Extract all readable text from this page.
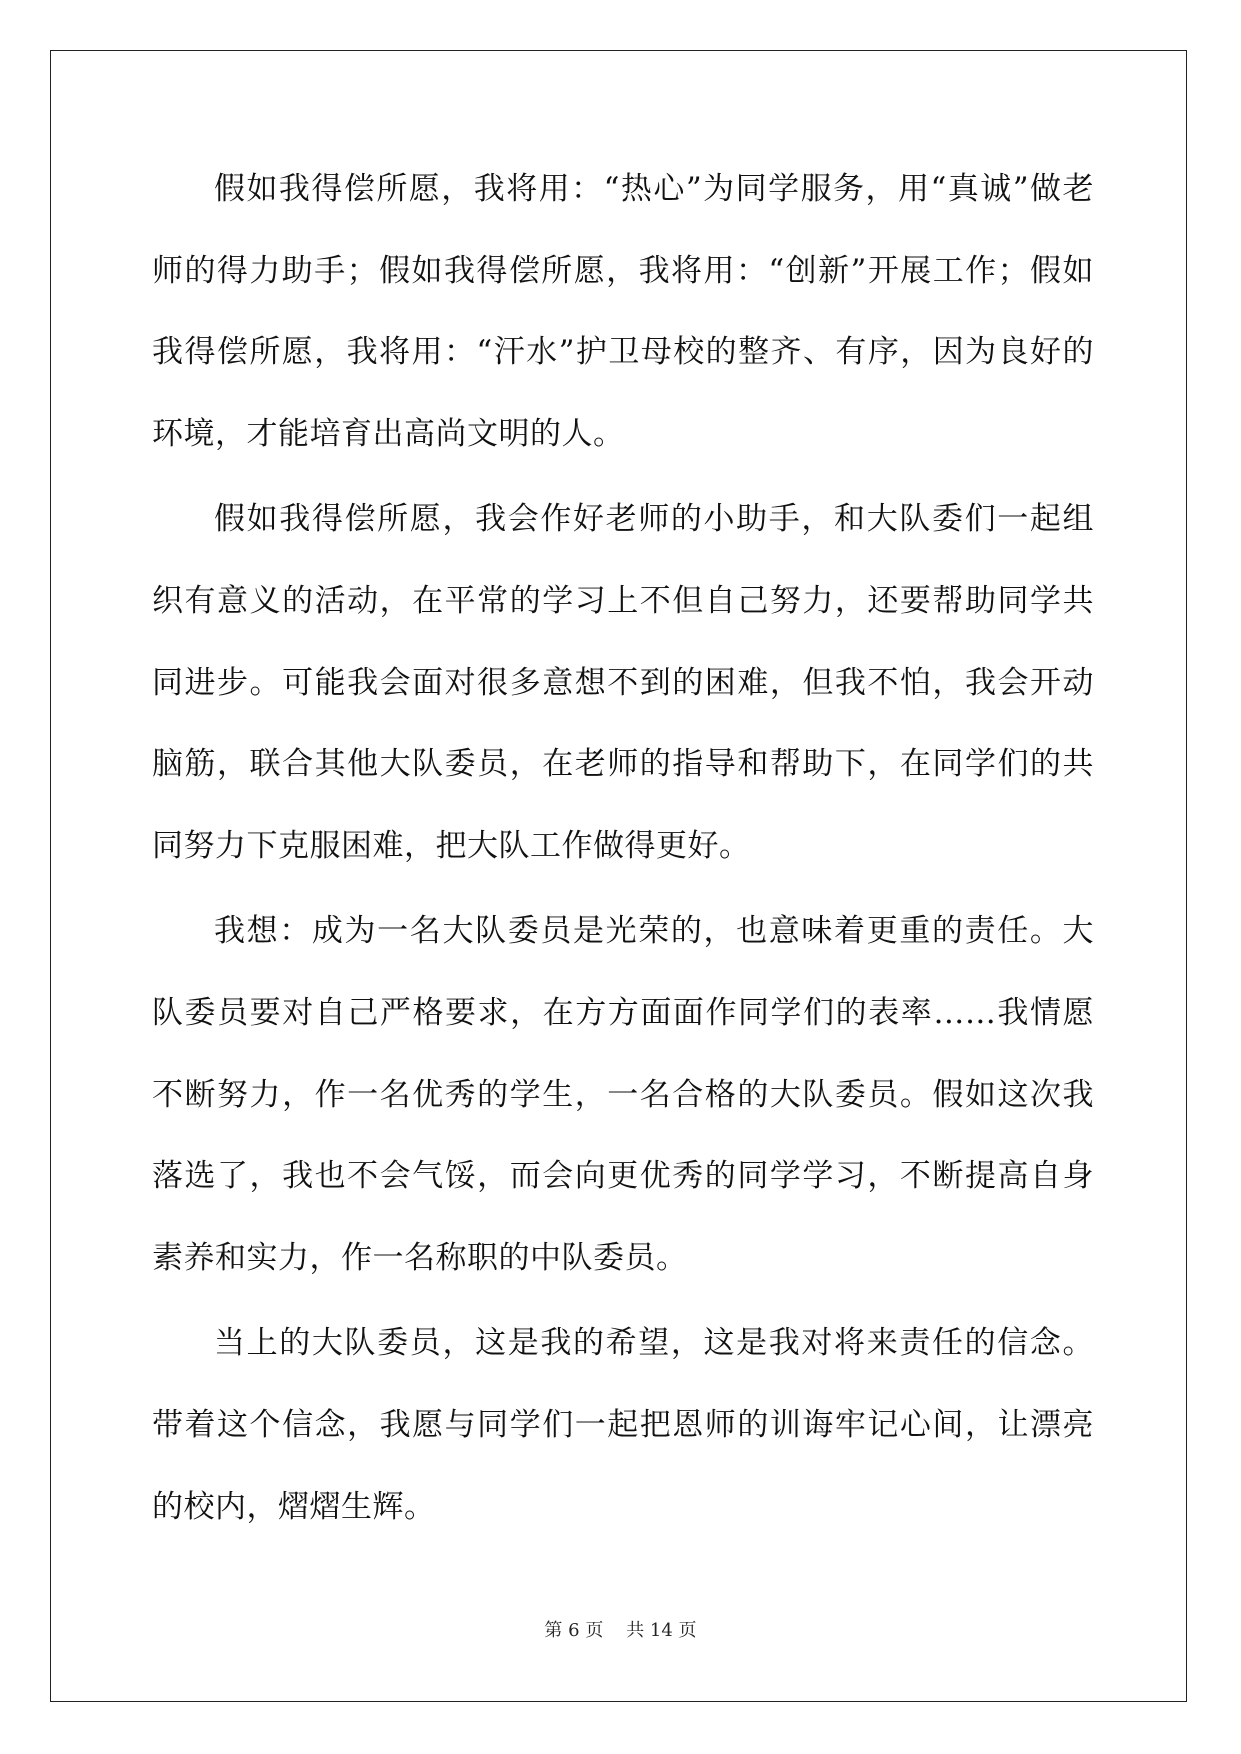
假如我得偿所愿，我将用：“热心”为同学服务，用“真诚”做老师的得力助手；假如我得偿所愿，我将用：“创新”开展工作；假如我得偿所愿，我将用：“汗水”护卫母校的整齐、有序，因为良好的环境，才能培育出高尚文明的人。

假如我得偿所愿，我会作好老师的小助手，和大队委们一起组织有意义的活动，在平常的学习上不但自己努力，还要帮助同学共同进步。可能我会面对很多意想不到的困难，但我不怕，我会开动脑筋，联合其他大队委员，在老师的指导和帮助下，在同学们的共同努力下克服困难，把大队工作做得更好。

我想：成为一名大队委员是光荣的，也意味着更重的责任。大队委员要对自己严格要求，在方方面面作同学们的表率……我情愿不断努力，作一名优秀的学生，一名合格的大队委员。假如这次我落选了，我也不会气馁，而会向更优秀的同学学习，不断提高自身素养和实力，作一名称职的中队委员。

当上的大队委员，这是我的希望，这是我对将来责任的信念。带着这个信念，我愿与同学们一起把恩师的训诲牢记心间，让漂亮的校内，熠熠生辉。

第 6 页    共 14 页
